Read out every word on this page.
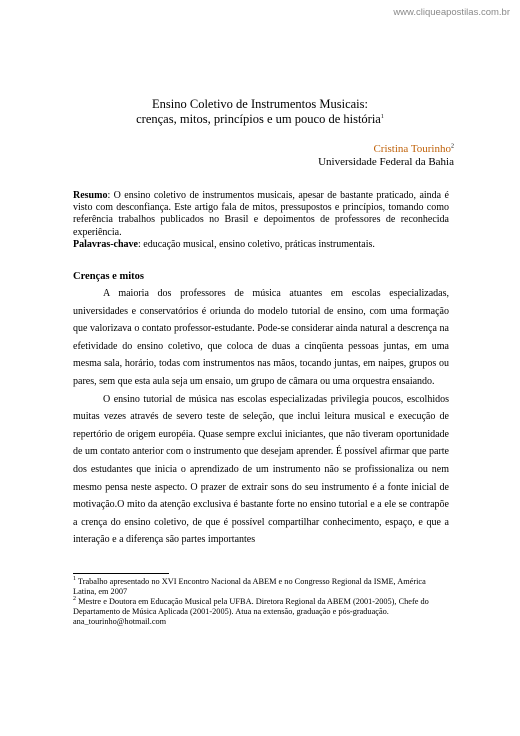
www.cliqueapostilas.com.br
Ensino Coletivo de Instrumentos Musicais:
crenças, mitos, princípios e um pouco de história$^1$
Cristina Tourinho$^2$
Universidade Federal da Bahia

Resumo: O ensino coletivo de instrumentos musicais, apesar de bastante praticado, ainda é visto com desconfiança. Este artigo fala de mitos, pressupostos e princípios, tomando como referência trabalhos publicados no Brasil e depoimentos de professores de reconhecida experiência.

Palavras-chave: educação musical, ensino coletivo, práticas instrumentais.

Crenças e mitos

A maioria dos professores de música atuantes em escolas especializadas, universidades e conservatórios é oriunda do modelo tutorial de ensino, com uma formação que valorizava o contato professor-estudante. Pode-se considerar ainda natural a descrença na efetividade do ensino coletivo, que coloca de duas a cinqüenta pessoas juntas, em uma mesma sala, horário, todas com instrumentos nas mãos, tocando juntas, em naipes, grupos ou pares, sem que esta aula seja um ensaio, um grupo de câmara ou uma orquestra ensaiando.

O ensino tutorial de música nas escolas especializadas privilegia poucos, escolhidos muitas vezes através de severo teste de seleção, que inclui leitura musical e execução de repertório de origem européia. Quase sempre exclui iniciantes, que não tiveram oportunidade de um contato anterior com o instrumento que desejam aprender. É possível afirmar que parte dos estudantes que inicia o aprendizado de um instrumento não se profissionaliza ou nem mesmo pensa neste aspecto. O prazer de extrair sons do seu instrumento é a fonte inicial de motivação.O mito da atenção exclusiva é bastante forte no ensino tutorial e a ele se contrapõe a crença do ensino coletivo, de que é possível compartilhar conhecimento, espaço, e que a interação e a diferença são partes importantes

$^1$ Trabalho apresentado no XVI Encontro Nacional da ABEM e no Congresso Regional da ISME, América Latina, em 2007

$^2$ Mestre e Doutora em Educação Musical pela UFBA. Diretora Regional da ABEM (2001-2005), Chefe do Departamento de Música Aplicada (2001-2005). Atua na extensão, graduação e pós-graduação.

ana_tourinho@hotmail.com
